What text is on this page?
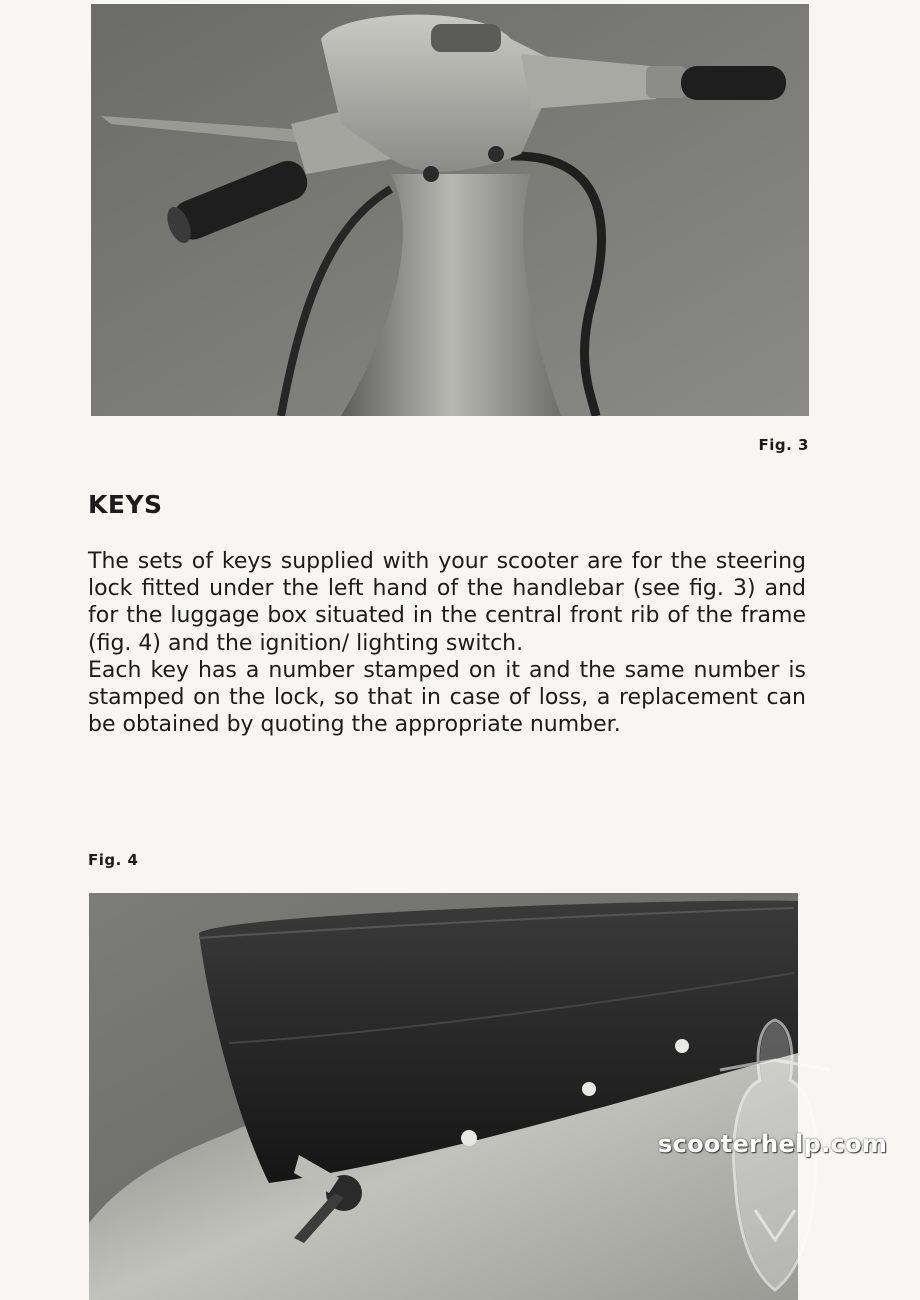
Fig. 3
KEYS

The sets of keys supplied with your scooter are for the steering lock fitted under the left hand of the handlebar (see fig. 3) and for the luggage box situated in the central front rib of the frame (fig. 4) and the ignition/ lighting switch.

Each key has a number stamped on it and the same number is stamped on the lock, so that in case of loss, a replacement can be obtained by quoting the appropriate number.

Fig. 4
scooterhelp.com
